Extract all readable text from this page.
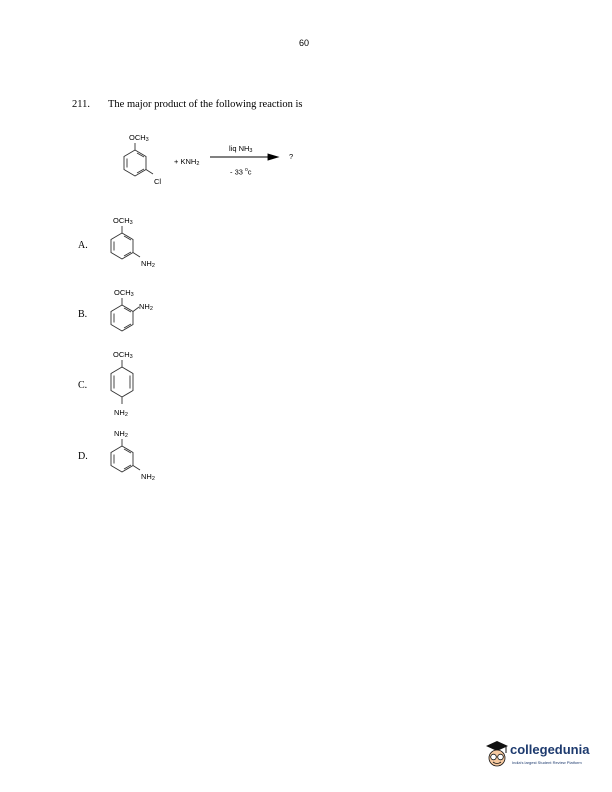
60
211. The major product of the following reaction is
$OCH_3$
Cl
+ $KNH_2$
liq $NH_3$
- 33 $^o$c
?
A.
$OCH_3$
$NH_2$
B.
$OCH_3$
$NH_2$
C.
$OCH_3$
$NH_2$
D.
$NH_2$
$NH_2$
collegedunia
India's largest Student Review Platform
